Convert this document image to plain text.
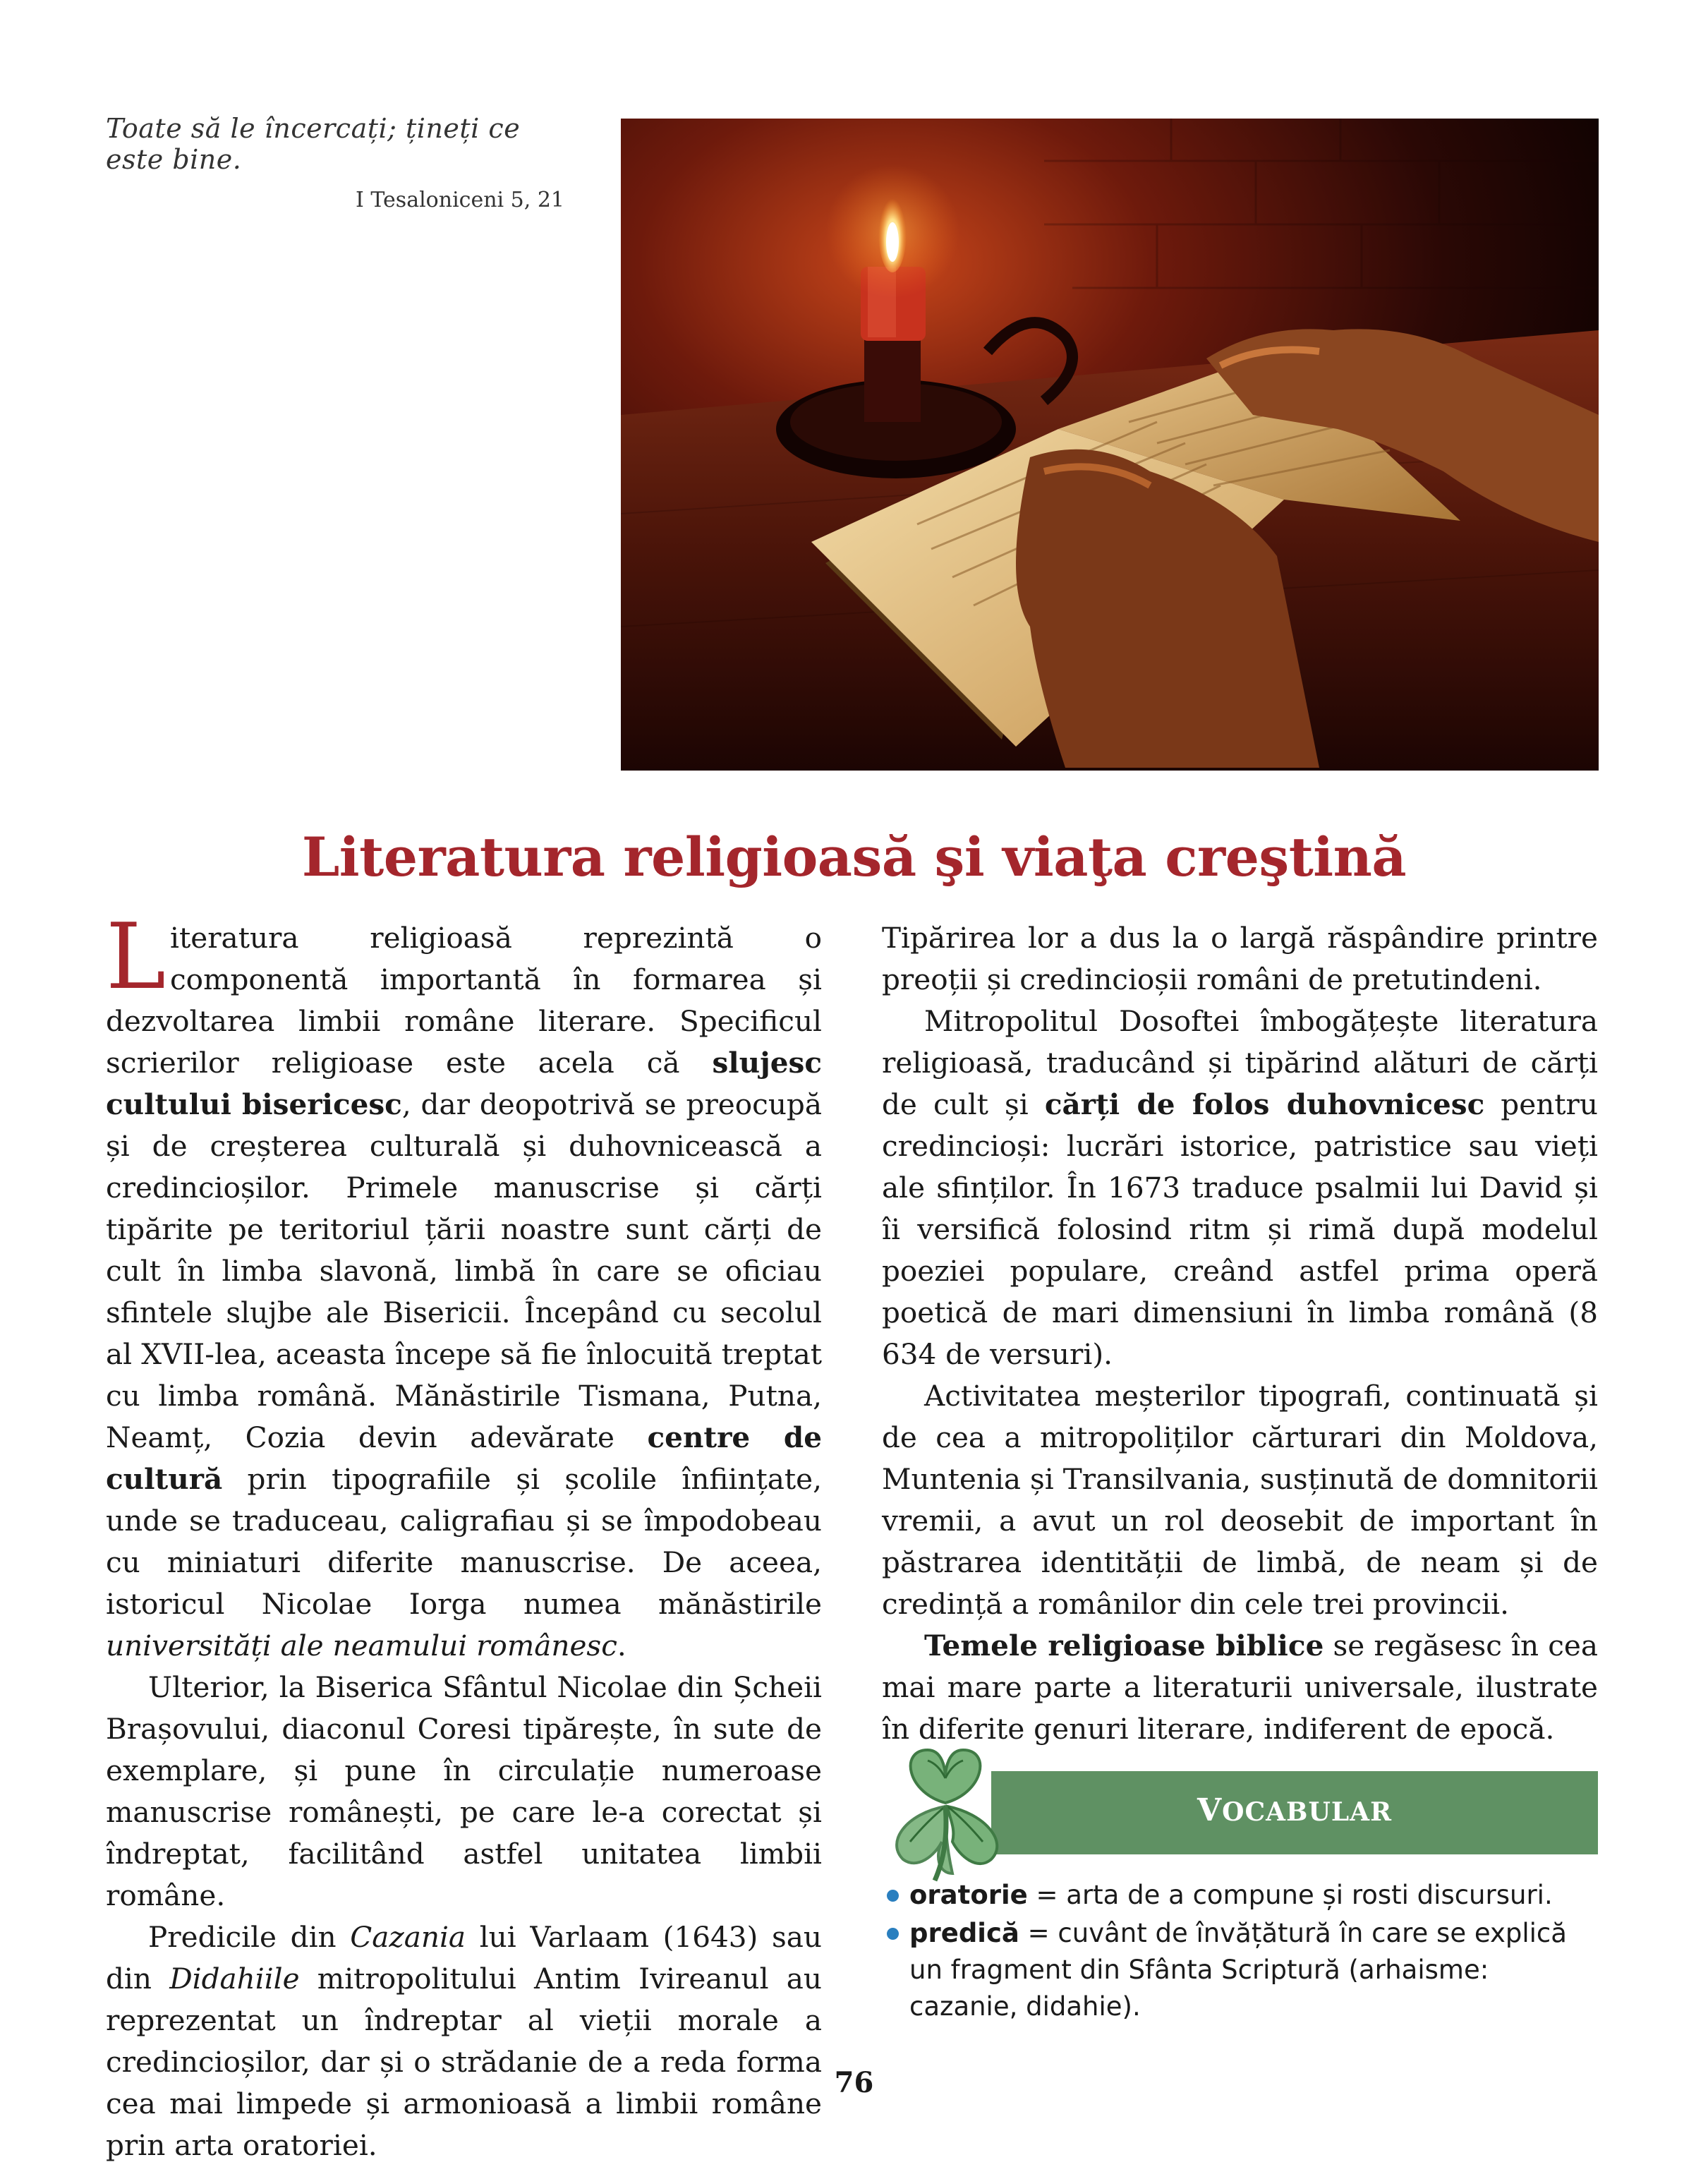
Toate să le încercați; țineți ce este bine.
I Tesaloniceni 5, 21
Literatura religioasă şi viaţa creştină

Literatura religioasă reprezintă o componentă importantă în formarea și dezvoltarea limbii române literare. Specificul scrierilor religioase este acela că slujesc cultului bisericesc, dar deopotrivă se preocupă și de creșterea culturală și duhovnicească a credincioșilor. Primele manuscrise și cărți tipărite pe teritoriul țării noastre sunt cărți de cult în limba slavonă, limbă în care se oficiau sfintele slujbe ale Bisericii. Începând cu secolul al XVII-lea, aceasta începe să fie înlocuită treptat cu limba română. Mănăstirile Tismana, Putna, Neamț, Cozia devin adevărate centre de cultură prin tipografiile și școlile înființate, unde se traduceau, caligrafiau și se împodobeau cu miniaturi diferite manuscrise. De aceea, istoricul Nicolae Iorga numea mănăstirile universități ale neamului românesc.

Ulterior, la Biserica Sfântul Nicolae din Șcheii Brașovului, diaconul Coresi tipărește, în sute de exemplare, și pune în circulație numeroase manuscrise românești, pe care le-a corectat și îndreptat, facilitând astfel unitatea limbii române.

Predicile din Cazania lui Varlaam (1643) sau din Didahiile mitropolitului Antim Ivireanul au reprezentat un îndreptar al vieții morale a credincioșilor, dar și o strădanie de a reda forma cea mai limpede și armonioasă a limbii române prin arta oratoriei.

Tipărirea lor a dus la o largă răspândire printre preoții și credincioșii români de pretutindeni.

Mitropolitul Dosoftei îmbogățește literatura religioasă, traducând și tipărind alături de cărți de cult și cărți de folos duhovnicesc pentru credincioși: lucrări istorice, patristice sau vieți ale sfinților. În 1673 traduce psalmii lui David și îi versifică folosind ritm și rimă după modelul poeziei populare, creând astfel prima operă poetică de mari dimensiuni în limba română (8 634 de versuri).

Activitatea meșterilor tipografi, continuată și de cea a mitropoliților cărturari din Moldova, Muntenia și Transilvania, susținută de domnitorii vremii, a avut un rol deosebit de important în păstrarea identității de limbă, de neam și de credință a românilor din cele trei provincii.

Temele religioase biblice se regăsesc în cea mai mare parte a literaturii universale, ilustrate în diferite genuri literare, indiferent de epocă.

VOCABULAR
oratorie = arta de a compune și rosti discursuri.
predică = cuvânt de învățătură în care se explică un fragment din Sfânta Scriptură (arhaisme: cazanie, didahie).
76
